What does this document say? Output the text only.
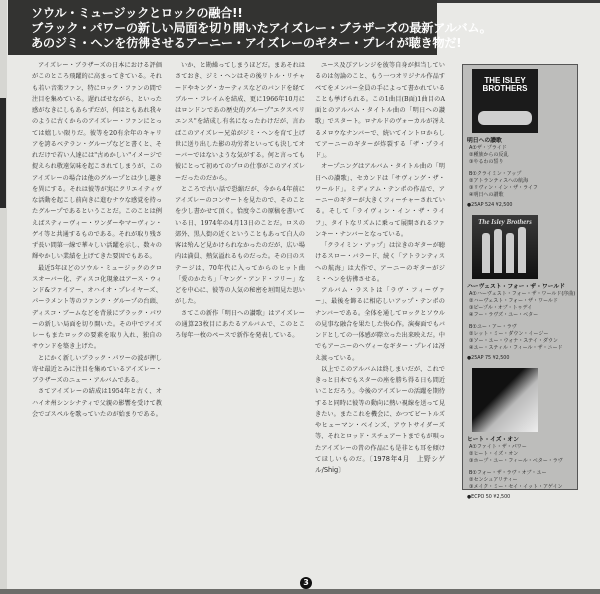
ソウル・ミュージックとロックの融合!!
ブラック・パワーの新しい局面を切り開いたアイズレー・ブラザーズの最新アルバム。
あのジミ・ヘンを彷彿させるアーニー・アイズレーのギター・プレイが聴き物だ!

アイズレー・ブラザーズの日本における評価がこのところ飛躍的に高まってきている。それも若い音楽ファン、特にロック・ファンの間で注目を集めている。遅ればせながら、といった感がなきにしもあらずだが、何はともあれ我々のように古くからのアイズレー・ファンにとっては嬉しい限りだ。彼等を20有余年のキャリアを誇るベテラン・グループなどと書くと、それだけで若い人達には"古めかしい"イメージで捉えられ敬遠気味を起こされてしまうが、このアイズレーの場合は他のグループとは少し趣きを異にする。それは彼等が実にクリエイティヴな活動を起こし前向きに進むナウな感覚を持ったグループであるということだ。このことは例えばスティーヴィー・ワンダーやマーヴィン・ゲイ等と共通するものである。それが取り残さず長い間第一線で華々しい活躍を示し、数々の輝やかしい業績を上げてきた要因でもある。

最近5年ほどのソウル・ミュージックのクロスオーバー化、ディスコ化現象はアース・ウィンド&ファイアー、オハイオ・プレイヤーズ、パーラメント等のファンク・グループの台頭、ディスコ・ブームなどを背景にブラック・パワーの新しい局面を切り開いた。その中でアイズレーもまたロックの要素を取り入れ、独自のサウンドを築き上げた。

とにかく新しいブラック・パワーの波が押し寄せ最近とみに注目を集めているアイズレー・ブラザーズのニュー・アルバムである。

さてアイズレーの結成は1954年と古く、オハイオ州シンシナティで父親の影響を受けて教会でゴスペルを歌っていたのが始まりである。

いか、と勘繰ってしまうほどだ。まあそれはさておき、ジミ・ヘンはその後リトル・リチャードやキング・カーティスなどのバンドを経てブルー・フレイムを結成、更に1966年10月にはロンドンであの歴史的グループ"エクスペリエンス"を結成し有名になったわけだが、言わばこのアイズレー兄弟がジミ・ヘンを育て上げ世に送り出した影の功労者といっても決してオーバーではないような気がする。何と言っても彼にとって初めてのプロの仕事がこのアイズレーだったのだから。

ところで古い話で恐縮だが、今から4年前にアイズレーのコンサートを見たので、そのことを少し書かせて頂く。恰度今この原稿を書いている日、1974年の4月13日のことだ。ロスの郊外、黒人街の近くということもあって白人の客は殆んど見かけられなかったのだが、広い場内は満員、熱気溢れるものだった。その日のステージは、70年代に入ってからのヒット曲「愛のかたち」「ヤング・アンド・フリー」などを中心に、彼等の人気の秘密を垣間見た思いがした。

さてこの新作「明日への讃歌」はアイズレーの通算23枚目にあたるアルバムで、このところ毎年一枚のペースで新作を発表している。

ユース及びアレンジを彼等自身が担当しているのは勿論のこと、もう一つオリジナル作品すべてをメンバー全員の手によって書かれていることも挙げられる。この1曲目(B面)1曲目のA面とのアルバム・タイトル曲の「明日への讃歌」でスタート。ロナルドのヴォーカルが冴えるメロウなナンバーで、続いてイントロからしてアーニーのギターが炸裂する「ザ・プライド」。

オープニングはアルバム・タイトル曲の「明日への讃歌」、セカンドは「サヴィング・ザ・ワールド」。ミディアム・テンポの作品で、アーニーのギターが大きくフィーチャーされている。そして「ライヴィン・イン・ザ・ライフ」、タイトなリズムに乗って展開されるファンキー・ナンバーとなっている。

「クライミン・アップ」は泣きのギターが聴けるスロー・バラード、続く「アトランティスへの航海」は大作で、アーニーのギターがジミ・ヘンを彷彿させる。

アルバム・ラストは「ラヴ・フィーヴァー」、最後を飾るに相応しいアップ・テンポのナンバーである。全体を通してロックとソウルの見事な融合を果たした快心作。演奏面でもバンドとしての一体感が際立った出来映えだ。中でもアーニーのヘヴィーなギター・プレイは冴え渡っている。

以上でこのアルバムは終しまいだが、これできっと日本でもスターの座を勝ち得る日も間近いことだろう。今後のアイズレーの活躍を期待すると同時に彼等の動向に熱い視線を送って見きたい。またこれを機会に、かつてビートルズやヒューマン・ベインズ、アウトサイダーズ等、それとロッド・スチュアートまでもが唄ったアイズレーの昔の作品にも是非とも耳を傾けてほしいものだ。〔1978年4月　上野シゲル/Shig〕

THE ISLEY
BROTHERS
明日への讃歌
A①ザ・プライド
②種族からの反乱
③やるわの誓り
B①クライミン・アップ
②アトランティスへの航海
③リヴィン・イン・ザ・ライフ
④明日への讃歌
●25AP 524 ¥2,500
The Isley Brothers
ハーヴェスト・フォー・ザ・ワールド
A①ハーヴェスト・フォー・ザ・ワールド(序曲)
②ハーヴェスト・フォー・ザ・ワールド
③ピープル・オブ・トゥデイ
④フー・ラヴズ・ユー・ベター
B①ユー・アー・ラヴ
②レット・ミー・ダウン・イージー
③ソー・ユー・ウォナ・ステイ・ダウン
④ユー・スティル・フィール・ザ・ニード
●25AP 75 ¥2,500
ヒート・イズ・オン
A①ファイト・ザ・パワー
②ヒート・イズ・オン
③ホープ・ユー・フィール・ベター・ラヴ
B①フォー・ザ・ラヴ・オブ・ユー
②センシュアリティー
③メイク・ミー・セイ・イット・アゲイン
●ECPO 50 ¥2,500
3
